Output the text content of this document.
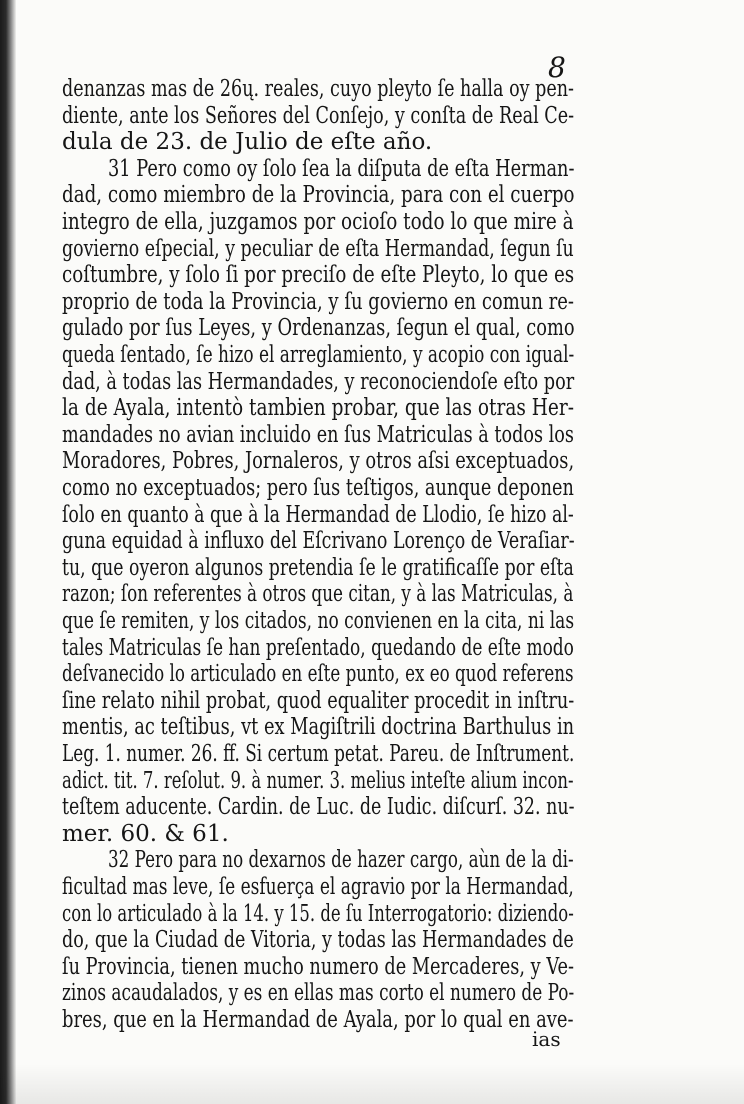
8
denanzas mas de 26ų. reales, cuyo pleyto ſe halla oy pen-
diente, ante los Señores del Conſejo, y conſta de Real Ce-
dula de 23. de Julio de eſte año.
31 Pero como oy ſolo ſea la diſputa de eſta Herman-
dad, como miembro de la Provincia, para con el cuerpo
integro de ella, juzgamos por ocioſo todo lo que mire à
govierno eſpecial, y peculiar de eſta Hermandad, ſegun ſu
coſtumbre, y ſolo ſi por preciſo de eſte Pleyto, lo que es
proprio de toda la Provincia, y ſu govierno en comun re-
gulado por ſus Leyes, y Ordenanzas, ſegun el qual, como
queda ſentado, ſe hizo el arreglamiento, y acopio con igual-
dad, à todas las Hermandades, y reconociendoſe eſto por
la de Ayala, intentò tambien probar, que las otras Her-
mandades no avian incluido en ſus Matriculas à todos los
Moradores, Pobres, Jornaleros, y otros aſsi exceptuados,
como no exceptuados; pero ſus teſtigos, aunque deponen
ſolo en quanto à que à la Hermandad de Llodio, ſe hizo al-
guna equidad à influxo del Eſcrivano Lorenço de Veraſiar-
tu, que oyeron algunos pretendia ſe le gratificaſſe por eſta
razon; ſon referentes à otros que citan, y à las Matriculas, à
que ſe remiten, y los citados, no convienen en la cita, ni las
tales Matriculas ſe han preſentado, quedando de eſte modo
deſvanecido lo articulado en eſte punto, ex eo quod referens
ſine relato nihil probat, quod equaliter procedit in inſtru-
mentis, ac teſtibus, vt ex Magiſtrili doctrina Barthulus in
Leg. 1. numer. 26. ff. Si certum petat. Pareu. de Inſtrument.
adict. tit. 7. reſolut. 9. à numer. 3. melius inteſte alium incon-
teſtem aducente. Cardin. de Luc. de Iudic. diſcurſ. 32. nu-
mer. 60. & 61.
32 Pero para no dexarnos de hazer cargo, aùn de la di-
ficultad mas leve, ſe esfuerça el agravio por la Hermandad,
con lo articulado à la 14. y 15. de ſu Interrogatorio: diziendo-
do, que la Ciudad de Vitoria, y todas las Hermandades de
ſu Provincia, tienen mucho numero de Mercaderes, y Ve-
zinos acaudalados, y es en ellas mas corto el numero de Po-
bres, que en la Hermandad de Ayala, por lo qual en ave-
ias
